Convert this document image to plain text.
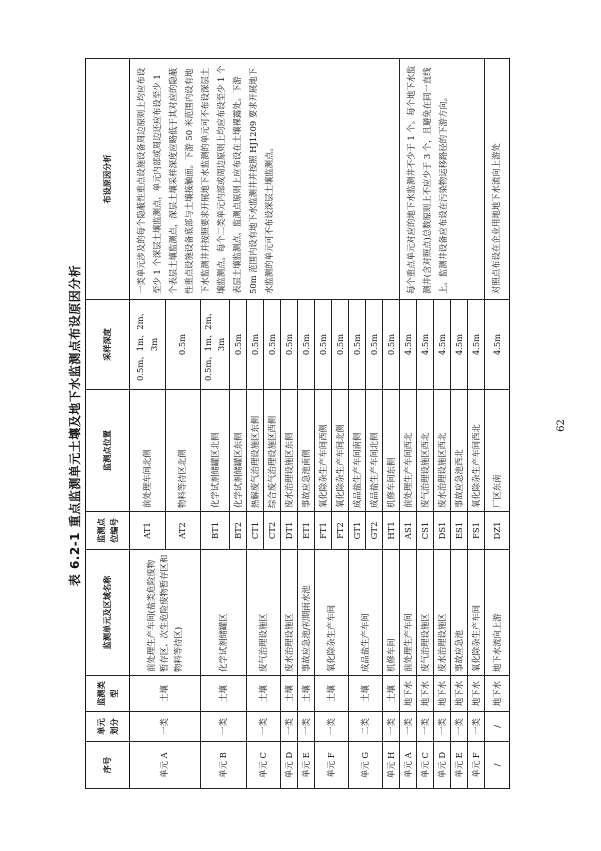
表 6.2-1 重点监测单元土壤及地下水监测点布设原因分析
序号	单元划分	监测类型	监测单元及区域名称	监测点位编号	监测点位置	采样深度	布设原因分析
单元 A	一类	土壤	前处理生产车间(盐类危险废物暂存区、次生危险废物暂存区和物料等待区)	AT1	前处理车间北侧	0.5m、1m、2m、3m	一类单元涉及的每个隐蔽性重点设施设备周边原则上均应布设至少 1 个深层土壤监测点，单元内部或周边还应布设至少 1 个表层土壤监测点，深层土壤采样深度应略低于其对应的隐蔽性重点设施设备底部与土壤接触面。下游 50 米范围内设有地下水监测井并按照要求开展地下水监测的单元可不布设深层土壤监测点。每个二类单元内部或周边原则上均应布设至少 1 个表层土壤监测点，监测点原则上应布设在土壤裸露处。下游 50m 范围内设有地下水监测井并按照 HJ1209 要求开展地下水监测的单元可不布设深层土壤监测点。
				AT2	物料等待区北侧	0.5m	
单元 B	一类	土壤	化学试剂储罐区	BT1	化学试剂储罐区北侧	0.5m、1m、2m、3m	
				BT2	化学试剂储罐区东侧	0.5m	
单元 C	一类	土壤	废气治理设施区	CT1	热解废气治理设施区东侧	0.5m	
				CT2	综合废气治理设施区西侧	0.5m	
单元 D	一类	土壤	废水治理设施区	DT1	废水治理设施区东侧	0.5m	
单元 E	一类	土壤	事故应急池/初期雨水池	ET1	事故应急池南侧	0.5m	
单元 F	一类	土壤	氧化除杂生产车间	FT1	氧化除杂生产车间西侧	0.5m	
				FT2	氧化除杂生产车间北侧	0.5m	
单元 G	二类	土壤	成品盐生产车间	GT1	成品盐生产车间南侧	0.5m	
				GT2	成品盐生产车间北侧	0.5m	
单元 H	一类	土壤	机修车间	HT1	机修车间东侧	0.5m	
单元 A	一类	地下水	前处理生产车间	AS1	前处理生产车间西北	4.5m	每个重点单元对应的地下水监测井不少于 1 个。每个地下水监测井(含对照点)总数原则上不应少于 3 个，且避免在同一直线上。监测井设备应布设在污染物运移路径的下游方向。
单元 C	一类	地下水	废气治理设施区	CS1	废气治理设施区西北	4.5m	
单元 D	一类	地下水	废水治理设施区	DS1	废水治理设施区西北	4.5m	
单元 E	一类	地下水	事故应急池	ES1	事故应急池西北	4.5m	
单元 F	一类	地下水	氧化除杂生产车间	FS1	氧化除杂生产车间西北	4.5m	
/	/	地下水	地下水流向上游	DZ1	厂区东南	4.5m	对照点布设在企业用地地下水流向上游处
62
